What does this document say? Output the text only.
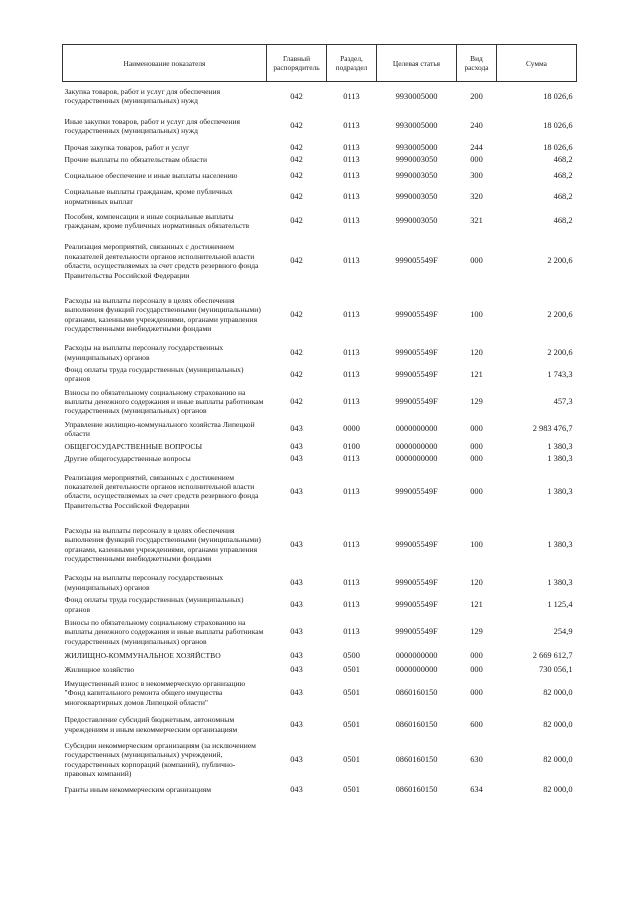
Наименование показателя	Главный распорядитель	Раздел, подраздел	Целевая статья	Вид расхода	Сумма
Закупка товаров, работ и услуг для обеспечения государственных (муниципальных) нужд	042	0113	9930005000	200	18 026,6
Иные закупки товаров, работ и услуг для обеспечения государственных (муниципальных) нужд	042	0113	9930005000	240	18 026,6
Прочая закупка товаров, работ и услуг	042	0113	9930005000	244	18 026,6
Прочие выплаты по обязательствам области	042	0113	9990003050	000	468,2
Социальное обеспечение и иные выплаты населению	042	0113	9990003050	300	468,2
Социальные выплаты гражданам, кроме публичных нормативных выплат	042	0113	9990003050	320	468,2
Пособия, компенсации и иные социальные выплаты гражданам, кроме публичных нормативных обязательств	042	0113	9990003050	321	468,2
Реализация мероприятий, связанных с достижением показателей деятельности органов исполнительной власти области, осуществляемых за счет средств резервного фонда Правительства Российской Федерации	042	0113	999005549F	000	2 200,6
Расходы на выплаты персоналу в целях обеспечения выполнения функций государственными (муниципальными) органами, казенными учреждениями, органами управления государственными внебюджетными фондами	042	0113	999005549F	100	2 200,6
Расходы на выплаты персоналу государственных (муниципальных) органов	042	0113	999005549F	120	2 200,6
Фонд оплаты труда государственных (муниципальных) органов	042	0113	999005549F	121	1 743,3
Взносы по обязательному социальному страхованию на выплаты денежного содержания и иные выплаты работникам государственных (муниципальных) органов	042	0113	999005549F	129	457,3
Управление жилищно-коммунального хозяйства Липецкой области	043	0000	0000000000	000	2 983 476,7
ОБЩЕГОСУДАРСТВЕННЫЕ ВОПРОСЫ	043	0100	0000000000	000	1 380,3
Другие общегосударственные вопросы	043	0113	0000000000	000	1 380,3
Реализация мероприятий, связанных с достижением показателей деятельности органов исполнительной власти области, осуществляемых за счет средств резервного фонда Правительства Российской Федерации	043	0113	999005549F	000	1 380,3
Расходы на выплаты персоналу в целях обеспечения выполнения функций государственными (муниципальными) органами, казенными учреждениями, органами управления государственными внебюджетными фондами	043	0113	999005549F	100	1 380,3
Расходы на выплаты персоналу государственных (муниципальных) органов	043	0113	999005549F	120	1 380,3
Фонд оплаты труда государственных (муниципальных) органов	043	0113	999005549F	121	1 125,4
Взносы по обязательному социальному страхованию на выплаты денежного содержания и иные выплаты работникам государственных (муниципальных) органов	043	0113	999005549F	129	254,9
ЖИЛИЩНО-КОММУНАЛЬНОЕ ХОЗЯЙСТВО	043	0500	0000000000	000	2 669 612,7
Жилищное хозяйство	043	0501	0000000000	000	730 056,1
Имущественный взнос в некоммерческую организацию "Фонд капитального ремонта общего имущества многоквартирных домов Липецкой области"	043	0501	0860160150	000	82 000,0
Предоставление субсидий бюджетным, автономным учреждениям и иным некоммерческим организациям	043	0501	0860160150	600	82 000,0
Субсидии некоммерческим организациям (за исключением государственных (муниципальных) учреждений, государственных корпораций (компаний), публично-правовых компаний)	043	0501	0860160150	630	82 000,0
Гранты иным некоммерческим организациям	043	0501	0860160150	634	82 000,0
